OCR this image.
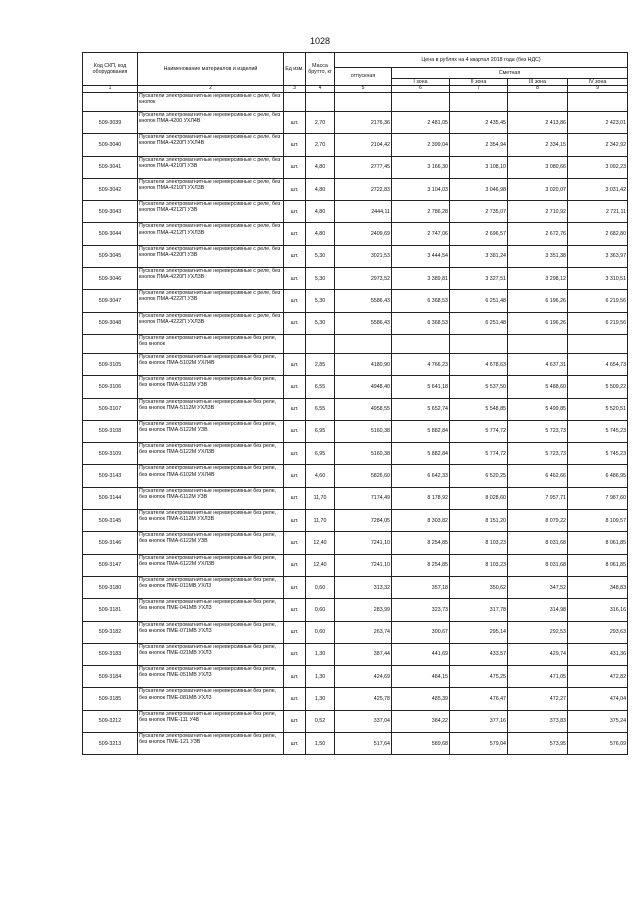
1028
Код СКП, код оборудования	Наименование материалов и изделий	Ед изм.	Масса брутто, кг	Цена в рублях на 4 квартал 2018 года (без НДС)				
				отпускная	Сметная			
					I зона	II зона	III зона	IV зона
1	2	3	4	5	6	7	8	9
	Пускатели электромагнитные нереверсивные с реле, без кнопок							
509-3039	Пускатели электромагнитные нереверсивные с реле, без кнопок ПМА-4200 УХЛ4В	шт.	2,70	2176,36	2 481,05	2 435,45	2 413,86	2 423,01
509-3040	Пускатели электромагнитные нереверсивные с реле, без кнопок ПМА-4220П УХЛ4В	шт.	2,70	2104,42	2 399,04	2 354,94	2 334,15	2 342,92
509-3041	Пускатели электромагнитные нереверсивные с реле, без кнопок ПМА-4210П УЗВ	шт.	4,80	2777,45	3 166,30	3 108,10	3 080,66	3 092,23
509-3042	Пускатели электромагнитные нереверсивные с реле, без кнопок ПМА-4210П УХЛ3В	шт.	4,80	2722,83	3 104,03	3 046,98	3 020,07	3 031,42
509-3043	Пускатели электромагнитные нереверсивные с реле, без кнопок ПМА-4212П УЗВ	шт.	4,80	2444,11	2 786,28	2 735,07	2 710,92	2 721,11
509-3044	Пускатели электромагнитные нереверсивные с реле, без кнопок ПМА-4212П УХЛ3В	шт.	4,80	2409,69	2 747,06	2 696,57	2 672,76	2 682,80
509-3045	Пускатели электромагнитные нереверсивные с реле, без кнопок ПМА-4220П УЗВ	шт.	5,30	3021,53	3 444,54	3 381,24	3 351,38	3 363,97
509-3046	Пускатели электромагнитные нереверсивные с реле, без кнопок ПМА-4220П УХЛ3В	шт.	5,30	2973,52	3 389,81	3 327,51	3 298,12	3 310,51
509-3047	Пускатели электромагнитные нереверсивные с реле, без кнопок ПМА-4222П УЗВ	шт.	5,30	5586,43	6 368,53	6 251,48	6 196,26	6 219,56
509-3048	Пускатели электромагнитные нереверсивные с реле, без кнопок ПМА-4222П УХЛ3В	шт.	5,30	5586,43	6 368,53	6 251,48	6 196,26	6 219,56
	Пускатели электромагнитные нереверсивные без реле, без кнопок							
509-3105	Пускатели электромагнитные нереверсивные без реле, без кнопок ПМА-5102М УХЛ4В	шт.	2,85	4180,90	4 766,23	4 678,63	4 637,31	4 654,73
509-3106	Пускатели электромагнитные нереверсивные без реле, без кнопок ПМА-5112М УЗВ	шт.	6,55	4948,40	5 641,18	5 537,50	5 488,60	5 509,22
509-3107	Пускатели электромагнитные нереверсивные без реле, без кнопок ПМА-5112М УХЛ3В	шт.	6,55	4958,55	5 652,74	5 548,85	5 499,85	5 520,51
509-3108	Пускатели электромагнитные нереверсивные без реле, без кнопок ПМА-5122М УЗВ	шт.	6,95	5160,38	5 882,84	5 774,72	5 723,73	5 745,23
509-3109	Пускатели электромагнитные нереверсивные без реле, без кнопок ПМА-5122М УХЛ3В	шт.	6,95	5160,38	5 882,84	5 774,72	5 723,73	5 745,23
509-3143	Пускатели электромагнитные нереверсивные без реле, без кнопок ПМА-6102М УХЛ4В	шт.	4,60	5826,60	6 642,33	6 520,25	6 462,66	6 486,95
509-3144	Пускатели электромагнитные нереверсивные без реле, без кнопок ПМА-6112М УЗВ	шт.	11,70	7174,49	8 178,92	8 028,60	7 957,71	7 987,60
509-3145	Пускатели электромагнитные нереверсивные без реле, без кнопок ПМА-6112М УХЛ3В	шт.	11,70	7284,05	8 303,82	8 151,20	8 079,22	8 109,57
509-3146	Пускатели электромагнитные нереверсивные без реле, без кнопок ПМА-6122М УЗВ	шт.	12,40	7241,10	8 254,85	8 103,23	8 031,68	8 061,85
509-3147	Пускатели электромагнитные нереверсивные без реле, без кнопок ПМА-6122М УХЛ3В	шт.	12,40	7241,10	8 254,85	8 103,23	8 031,68	8 061,85
509-3180	Пускатели электромагнитные нереверсивные без реле, без кнопок ПМЕ-011МВ УХЛ3	шт.	0,60	313,32	357,18	350,62	347,52	348,83
509-3181	Пускатели электромагнитные нереверсивные без реле, без кнопок ПМЕ-041МВ УХЛ3	шт.	0,60	283,99	323,73	317,78	314,98	316,16
509-3182	Пускатели электромагнитные нереверсивные без реле, без кнопок ПМЕ-071МВ УХЛ3	шт.	0,60	263,74	300,67	295,14	292,53	293,63
509-3183	Пускатели электромагнитные нереверсивные без реле, без кнопок ПМЕ-021МВ УХЛ3	шт.	1,30	387,44	441,69	433,57	429,74	431,36
509-3184	Пускатели электромагнитные нереверсивные без реле, без кнопок ПМЕ-051МВ УХЛ3	шт.	1,30	424,69	484,15	475,25	471,05	472,82
509-3185	Пускатели электромагнитные нереверсивные без реле, без кнопок ПМЕ-081МВ УХЛ3	шт.	1,30	425,78	485,39	476,47	472,27	474,04
509-3212	Пускатели электромагнитные нереверсивные без реле, без кнопок ПМЕ-111 У4Б	шт.	0,52	337,04	384,22	377,16	373,83	375,24
509-3213	Пускатели электромагнитные нереверсивные без реле, без кнопок ПМЕ-121 УЗВ	шт.	1,50	517,64	589,68	579,04	573,95	576,09
